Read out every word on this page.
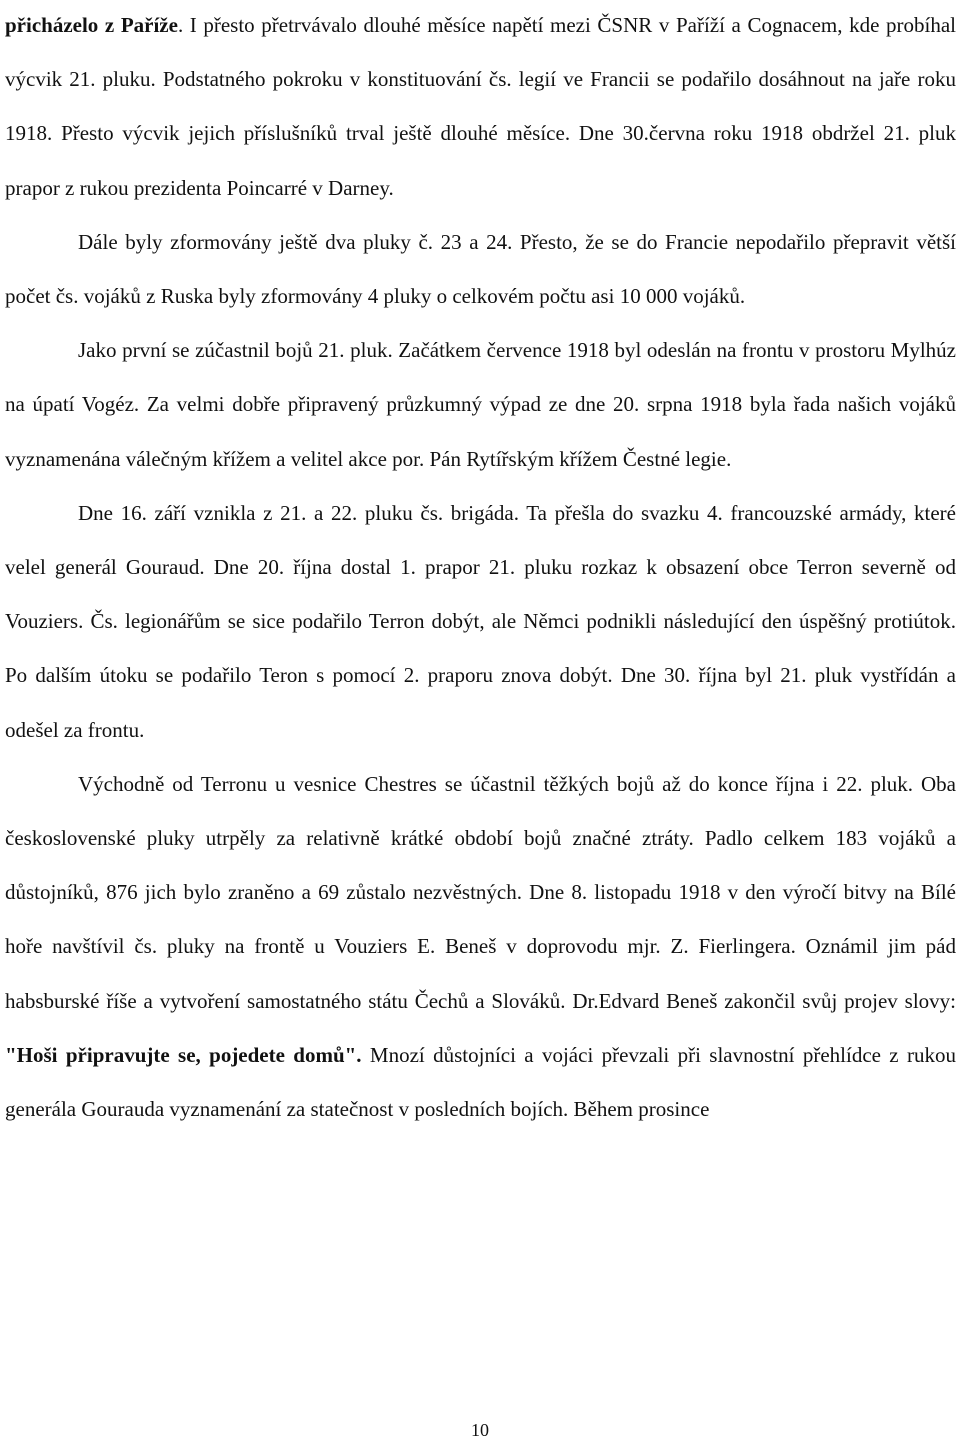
přicházelo z Paříže. I přesto přetrvávalo dlouhé měsíce napětí mezi ČSNR v Paříží a Cognacem, kde probíhal výcvik 21. pluku. Podstatného pokroku v konstituování čs. legií ve Francii se podařilo dosáhnout na jaře roku 1918. Přesto výcvik jejich příslušníků trval ještě dlouhé měsíce. Dne 30.června roku 1918 obdržel 21. pluk prapor z rukou prezidenta Poincarré v Darney.

Dále byly zformovány ještě dva pluky č. 23 a 24. Přesto, že se do Francie nepodařilo přepravit větší počet čs. vojáků z Ruska byly zformovány 4 pluky o celkovém počtu asi 10 000 vojáků.

Jako první se zúčastnil bojů 21. pluk. Začátkem července 1918 byl odeslán na frontu v prostoru Mylhúz na úpatí Vogéz. Za velmi dobře připravený průzkumný výpad ze dne 20. srpna 1918 byla řada našich vojáků vyznamenána válečným křížem a velitel akce por. Pán Rytířským křížem Čestné legie.

Dne 16. září vznikla z 21. a 22. pluku čs. brigáda. Ta přešla do svazku 4. francouzské armády, které velel generál Gouraud. Dne 20. října dostal 1. prapor 21. pluku rozkaz k obsazení obce Terron severně od Vouziers. Čs. legionářům se sice podařilo Terron dobýt, ale Němci podnikli následující den úspěšný protiútok. Po dalším útoku se podařilo Teron s pomocí 2. praporu znova dobýt. Dne 30. října byl 21. pluk vystřídán a odešel za frontu.

Východně od Terronu u vesnice Chestres se účastnil těžkých bojů až do konce října i 22. pluk. Oba československé pluky utrpěly za relativně krátké období bojů značné ztráty. Padlo celkem 183 vojáků a důstojníků, 876 jich bylo zraněno a 69 zůstalo nezvěstných. Dne 8. listopadu 1918 v den výročí bitvy na Bílé hoře navštívil čs. pluky na frontě u Vouziers E. Beneš v doprovodu mjr. Z. Fierlingera. Oznámil jim pád habsburské říše a vytvoření samostatného státu Čechů a Slováků. Dr.Edvard Beneš zakončil svůj projev slovy: "Hoši připravujte se, pojedete domů". Mnozí důstojníci a vojáci převzali při slavnostní přehlídce z rukou generála Gourauda vyznamenání za statečnost v posledních bojích. Během prosince

10
